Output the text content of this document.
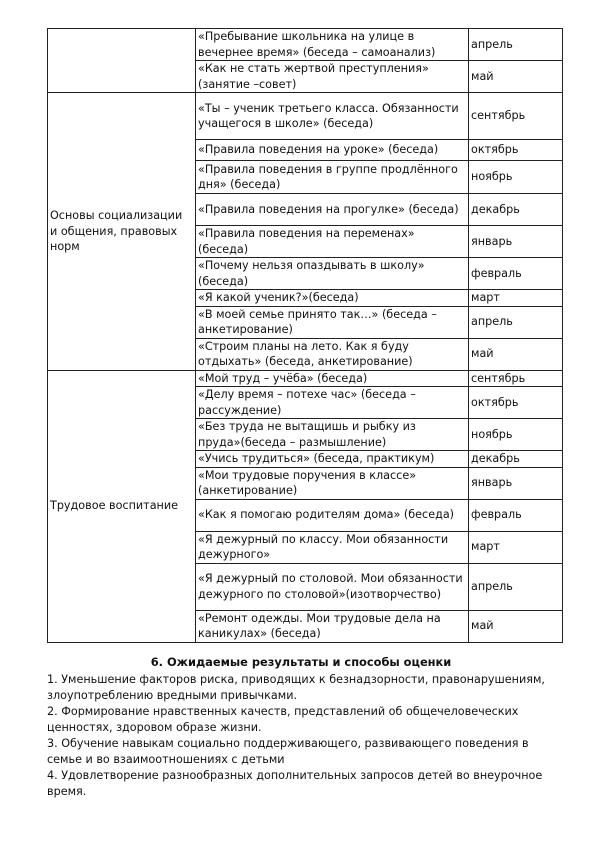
	«Пребывание школьника на улице в вечернее время» (беседа – самоанализ)	апрель
	«Как не стать жертвой преступления» (занятие –совет)	май
Основы социализации и общения, правовых норм	«Ты – ученик третьего класса. Обязанности учащегося в школе» (беседа)	сентябрь
	«Правила поведения на уроке» (беседа)	октябрь
	«Правила поведения в группе продлённого дня» (беседа)	ноябрь
	«Правила поведения на прогулке» (беседа)	декабрь
	«Правила поведения на переменах» (беседа)	январь
	«Почему нельзя опаздывать в школу» (беседа)	февраль
	«Я какой ученик?»(беседа)	март
	«В моей семье принято так…» (беседа – анкетирование)	апрель
	«Строим планы на лето. Как я буду отдыхать» (беседа, анкетирование)	май
Трудовое воспитание	«Мой труд – учёба» (беседа)	сентябрь
	«Делу время – потехе час» (беседа – рассуждение)	октябрь
	«Без труда не вытащишь и рыбку из пруда»(беседа – размышление)	ноябрь
	«Учись трудиться» (беседа, практикум)	декабрь
	«Мои трудовые поручения в классе» (анкетирование)	январь
	«Как я помогаю родителям дома» (беседа)	февраль
	«Я дежурный по классу. Мои обязанности дежурного»	март
	«Я дежурный по столовой. Мои обязанности дежурного по столовой»(изотворчество)	апрель
	«Ремонт одежды. Мои трудовые дела на каникулах» (беседа)	май
6. Ожидаемые результаты и способы оценки

1. Уменьшение факторов риска, приводящих к безнадзорности, правонарушениям, злоупотреблению вредными привычками.

2. Формирование нравственных качеств, представлений об общечеловеческих ценностях, здоровом образе жизни.

3. Обучение навыкам социально поддерживающего, развивающего поведения в семье и во взаимоотношениях с детьми

4. Удовлетворение разнообразных дополнительных запросов детей во внеурочное время.
